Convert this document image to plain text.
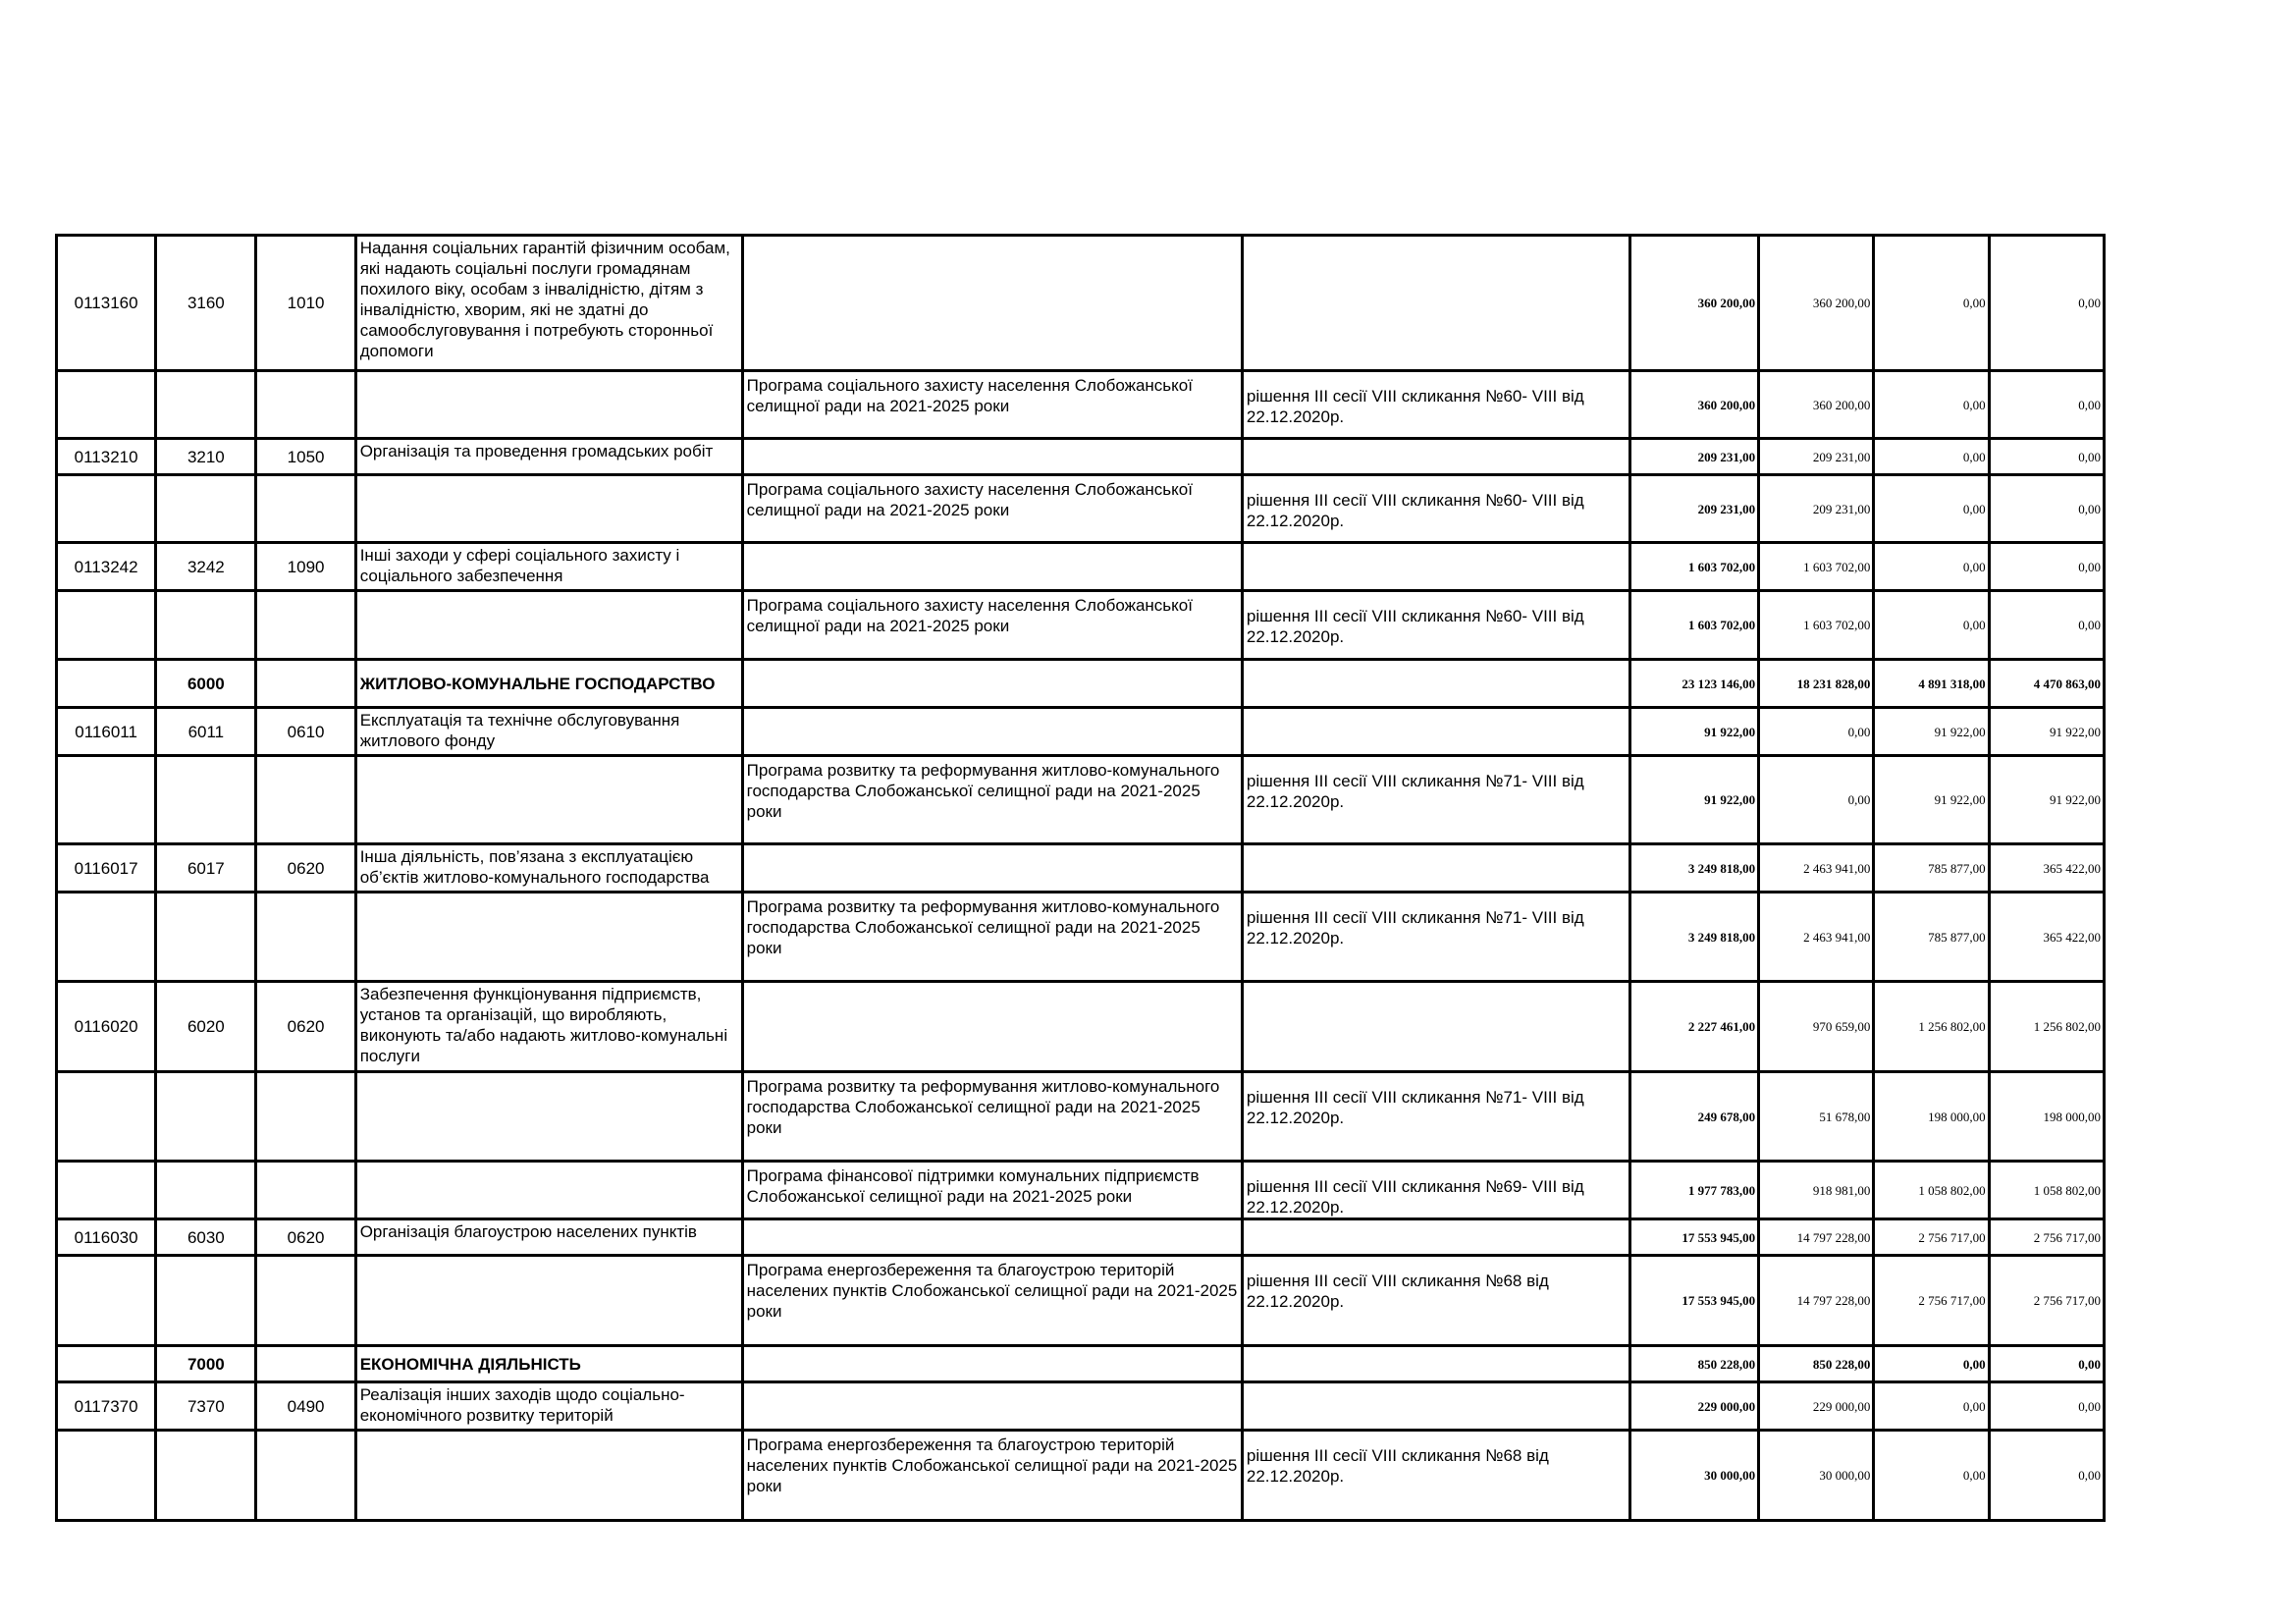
0113160	3160	1010	Надання соціальних гарантій фізичним особам, які надають соціальні послуги громадянам похилого віку, особам з інвалідністю, дітям з інвалідністю, хворим, які не здатні до самообслуговування і потребують сторонньої допомоги			360 200,00	360 200,00	0,00	0,00
				Програма соціального захисту населення Слобожанської селищної ради на 2021-2025 роки	рішення ІІІ сесії VIII скликання №60- VIII від 22.12.2020р.	360 200,00	360 200,00	0,00	0,00
0113210	3210	1050	Організація та проведення громадських робіт			209 231,00	209 231,00	0,00	0,00
				Програма соціального захисту населення Слобожанської селищної ради на 2021-2025 роки	рішення ІІІ сесії VIII скликання №60- VIII від 22.12.2020р.	209 231,00	209 231,00	0,00	0,00
0113242	3242	1090	Інші заходи у сфері соціального захисту і соціального забезпечення			1 603 702,00	1 603 702,00	0,00	0,00
				Програма соціального захисту населення Слобожанської селищної ради на 2021-2025 роки	рішення ІІІ сесії VIII скликання №60- VIII від 22.12.2020р.	1 603 702,00	1 603 702,00	0,00	0,00
	6000		ЖИТЛОВО-КОМУНАЛЬНЕ ГОСПОДАРСТВО			23 123 146,00	18 231 828,00	4 891 318,00	4 470 863,00
0116011	6011	0610	Експлуатація та технічне обслуговування житлового фонду			91 922,00	0,00	91 922,00	91 922,00
				Програма розвитку та реформування житлово-комунального господарства Слобожанської селищної ради на 2021-2025 роки	рішення ІІІ сесії VIII скликання №71- VIII від 22.12.2020р.	91 922,00	0,00	91 922,00	91 922,00
0116017	6017	0620	Інша діяльність, пов’язана з експлуатацією об’єктів житлово-комунального господарства			3 249 818,00	2 463 941,00	785 877,00	365 422,00
				Програма розвитку та реформування житлово-комунального господарства Слобожанської селищної ради на 2021-2025 роки	рішення ІІІ сесії VIII скликання №71- VIII від 22.12.2020р.	3 249 818,00	2 463 941,00	785 877,00	365 422,00
0116020	6020	0620	Забезпечення функціонування підприємств, установ та організацій, що виробляють, виконують та/або надають житлово-комунальні послуги			2 227 461,00	970 659,00	1 256 802,00	1 256 802,00
				Програма розвитку та реформування житлово-комунального господарства Слобожанської селищної ради на 2021-2025 роки	рішення ІІІ сесії VIII скликання №71- VIII від 22.12.2020р.	249 678,00	51 678,00	198 000,00	198 000,00
				Програма фінансової підтримки комунальних підприємств Слобожанської селищної ради на 2021-2025 роки	рішення ІІІ сесії VIII скликання №69- VIII від 22.12.2020р.	1 977 783,00	918 981,00	1 058 802,00	1 058 802,00
0116030	6030	0620	Організація благоустрою населених пунктів			17 553 945,00	14 797 228,00	2 756 717,00	2 756 717,00
				Програма енергозбереження та благоустрою територій населених пунктів Слобожанської селищної ради на 2021-2025 роки	рішення ІІІ сесії VIII скликання №68 від 22.12.2020р.	17 553 945,00	14 797 228,00	2 756 717,00	2 756 717,00
	7000		ЕКОНОМІЧНА ДІЯЛЬНІСТЬ			850 228,00	850 228,00	0,00	0,00
0117370	7370	0490	Реалізація інших заходів щодо соціально-економічного розвитку територій			229 000,00	229 000,00	0,00	0,00
				Програма енергозбереження та благоустрою територій населених пунктів Слобожанської селищної ради на 2021-2025 роки	рішення ІІІ сесії VIII скликання №68 від 22.12.2020р.	30 000,00	30 000,00	0,00	0,00
